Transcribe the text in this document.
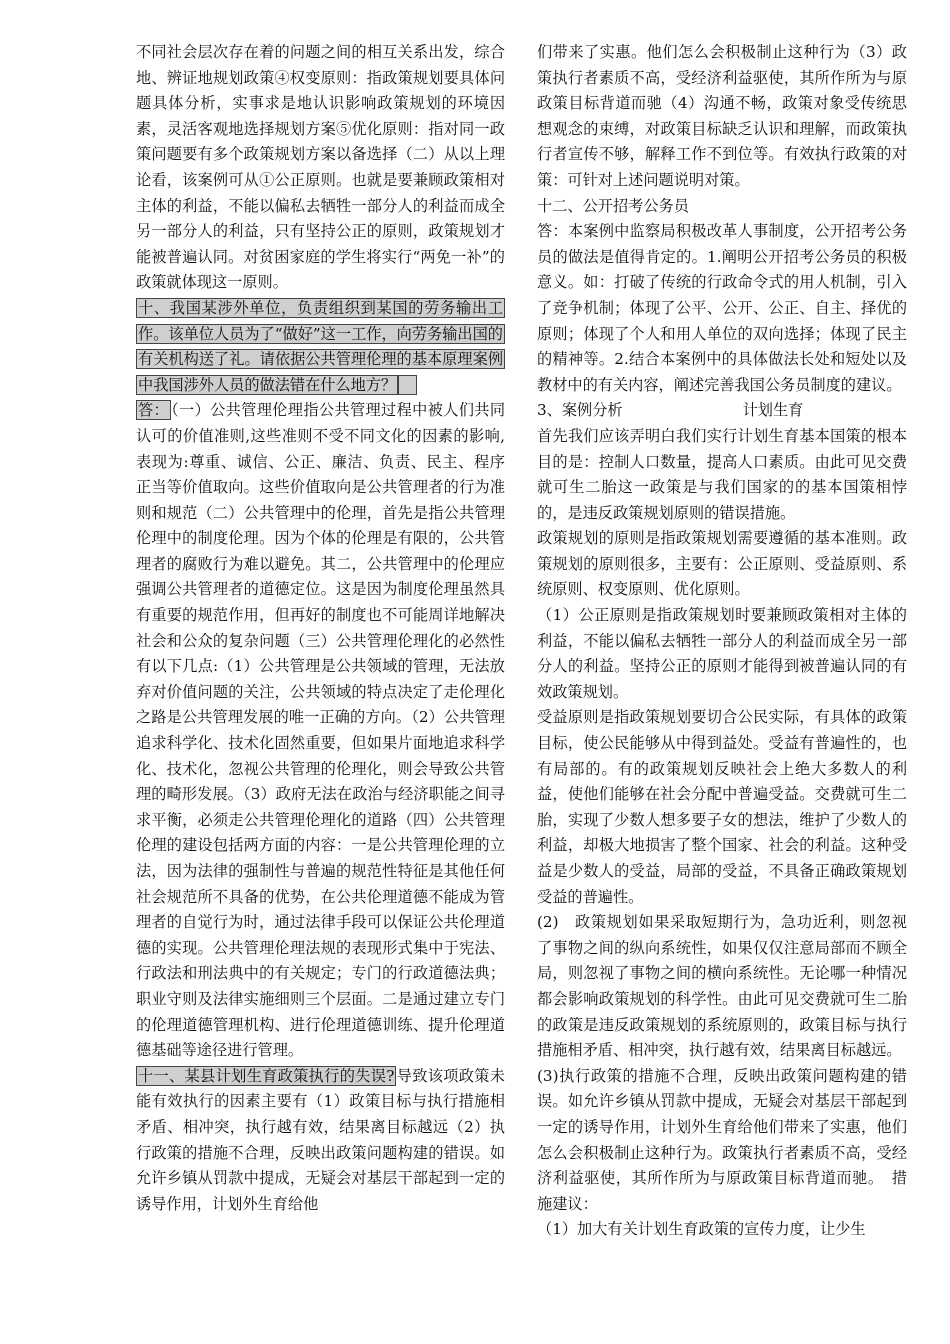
不同社会层次存在着的问题之间的相互关系出发，综合地、辨证地规划政策④权变原则：指政策规划要具体问题具体分析，实事求是地认识影响政策规划的环境因素，灵活客观地选择规划方案⑤优化原则：指对同一政策问题要有多个政策规划方案以备选择（二）从以上理论看，该案例可从①公正原则。也就是要兼顾政策相对主体的利益，不能以偏私去牺牲一部分人的利益而成全另一部分人的利益，只有坚持公正的原则，政策规划才能被普遍认同。对贫困家庭的学生将实行“两免一补”的政策就体现这一原则。

十、我国某涉外单位，负责组织到某国的劳务输出工作。该单位人员为了“做好”这一工作，向劳务输出国的有关机构送了礼。请依据公共管理伦理的基本原理案例中我国涉外人员的做法错在什么地方？

答： （一）公共管理伦理指公共管理过程中被人们共同认可的价值准则,这些准则不受不同文化的因素的影响,表现为:尊重、诚信、公正、廉洁、负责、民主、程序正当等价值取向。这些价值取向是公共管理者的行为准则和规范（二）公共管理中的伦理，首先是指公共管理伦理中的制度伦理。因为个体的伦理是有限的，公共管理者的腐败行为难以避免。其二，公共管理中的伦理应强调公共管理者的道德定位。这是因为制度伦理虽然具有重要的规范作用，但再好的制度也不可能周详地解决社会和公众的复杂问题（三）公共管理伦理化的必然性有以下几点:（1）公共管理是公共领域的管理，无法放弃对价值问题的关注，公共领域的特点决定了走伦理化之路是公共管理发展的唯一正确的方向。（2）公共管理追求科学化、技术化固然重要，但如果片面地追求科学化、技术化，忽视公共管理的伦理化，则会导致公共管理的畸形发展。（3）政府无法在政治与经济职能之间寻求平衡，必须走公共管理伦理化的道路（四）公共管理伦理的建设包括两方面的内容：一是公共管理伦理的立法，因为法律的强制性与普遍的规范性特征是其他任何社会规范所不具备的优势，在公共伦理道德不能成为管理者的自觉行为时，通过法律手段可以保证公共伦理道德的实现。公共管理伦理法规的表现形式集中于宪法、行政法和刑法典中的有关规定；专门的行政道德法典；职业守则及法律实施细则三个层面。二是通过建立专门的伦理道德管理机构、进行伦理道德训练、提升伦理道德基础等途径进行管理。

十一、某县计划生育政策执行的失误? 导致该项政策未能有效执行的因素主要有（1）政策目标与执行措施相矛盾、相冲突，执行越有效，结果离目标越远（2）执行政策的措施不合理，反映出政策问题构建的错误。如允许乡镇从罚款中提成，无疑会对基层干部起到一定的诱导作用，计划外生育给他

们带来了实惠。他们怎么会积极制止这种行为（3）政策执行者素质不高，受经济利益驱使，其所作所为与原政策目标背道而驰（4）沟通不畅，政策对象受传统思想观念的束缚，对政策目标缺乏认识和理解，而政策执行者宣传不够，解释工作不到位等。有效执行政策的对策：可针对上述问题说明对策。

十二、公开招考公务员

答：本案例中监察局积极改革人事制度，公开招考公务员的做法是值得肯定的。1.阐明公开招考公务员的积极意义。如：打破了传统的行政命令式的用人机制，引入了竞争机制；体现了公平、公开、公正、自主、择优的原则；体现了个人和用人单位的双向选择；体现了民主的精神等。2.结合本案例中的具体做法长处和短处以及教材中的有关内容，阐述完善我国公务员制度的建议。

3、案例分析	计划生育

首先我们应该弄明白我们实行计划生育基本国策的根本目的是：控制人口数量，提高人口素质。由此可见交费就可生二胎这一政策是与我们国家的的基本国策相悖的，是违反政策规划原则的错误措施。

政策规划的原则是指政策规划需要遵循的基本准则。政策规划的原则很多，主要有：公正原则、受益原则、系统原则、权变原则、优化原则。

（1）公正原则是指政策规划时要兼顾政策相对主体的利益，不能以偏私去牺牲一部分人的利益而成全另一部分人的利益。坚持公正的原则才能得到被普遍认同的有效政策规划。

受益原则是指政策规划要切合公民实际，有具体的政策目标，使公民能够从中得到益处。受益有普遍性的，也有局部的。有的政策规划反映社会上绝大多数人的利益，使他们能够在社会分配中普遍受益。交费就可生二胎，实现了少数人想多要子女的想法，维护了少数人的利益，却极大地损害了整个国家、社会的利益。这种受益是少数人的受益，局部的受益，不具备正确政策规划受益的普遍性。

(2)　政策规划如果采取短期行为，急功近利，则忽视了事物之间的纵向系统性，如果仅仅注意局部而不顾全局，则忽视了事物之间的横向系统性。无论哪一种情况都会影响政策规划的科学性。由此可见交费就可生二胎的政策是违反政策规划的系统原则的，政策目标与执行措施相矛盾、相冲突，执行越有效，结果离目标越远。

(3)执行政策的措施不合理，反映出政策问题构建的错误。如允许乡镇从罚款中提成，无疑会对基层干部起到一定的诱导作用，计划外生育给他们带来了实惠，他们怎么会积极制止这种行为。政策执行者素质不高，受经济利益驱使，其所作所为与原政策目标背道而驰。　措施建议：

（1）加大有关计划生育政策的宣传力度，让少生
